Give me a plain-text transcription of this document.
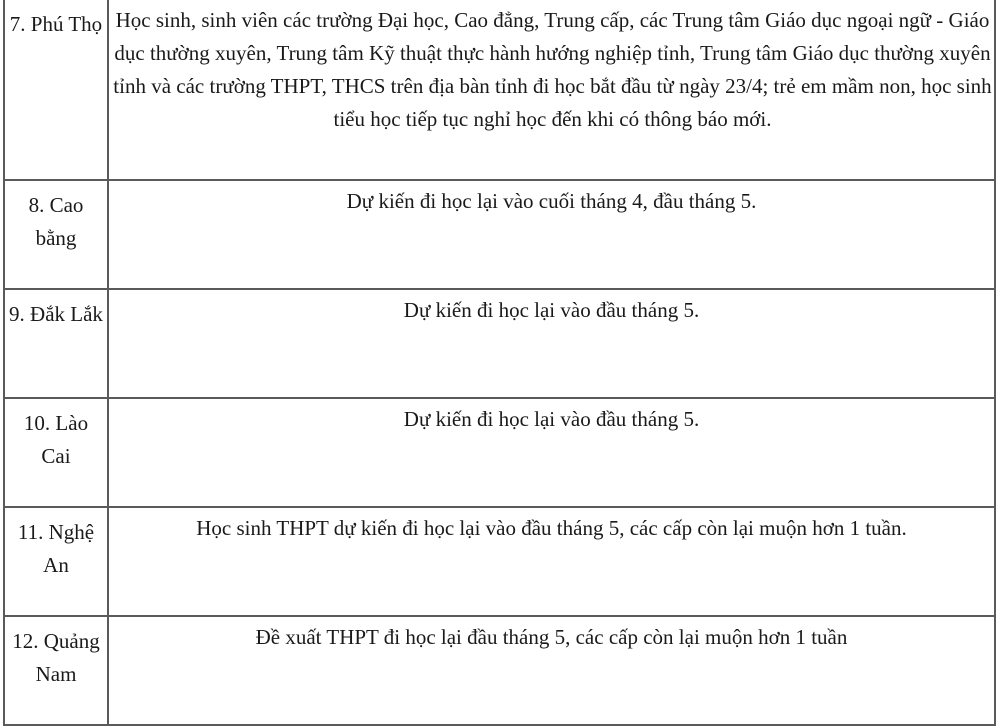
7. Phú Thọ	Học sinh, sinh viên các trường Đại học, Cao đẳng, Trung cấp, các Trung tâm Giáo dục ngoại ngữ - Giáo dục thường xuyên, Trung tâm Kỹ thuật thực hành hướng nghiệp tỉnh, Trung tâm Giáo dục thường xuyên tỉnh và các trường THPT, THCS trên địa bàn tỉnh đi học bắt đầu từ ngày 23/4; trẻ em mầm non, học sinh tiểu học tiếp tục nghỉ học đến khi có thông báo mới.

8. Cao bằng	Dự kiến đi học lại vào cuối tháng 4, đầu tháng 5.

9. Đắk Lắk	Dự kiến đi học lại vào đầu tháng 5.

10. Lào Cai	Dự kiến đi học lại vào đầu tháng 5.

11. Nghệ An	Học sinh THPT dự kiến đi học lại vào đầu tháng 5, các cấp còn lại muộn hơn 1 tuần.

12. Quảng Nam	Đề xuất THPT đi học lại đầu tháng 5, các cấp còn lại muộn hơn 1 tuần
